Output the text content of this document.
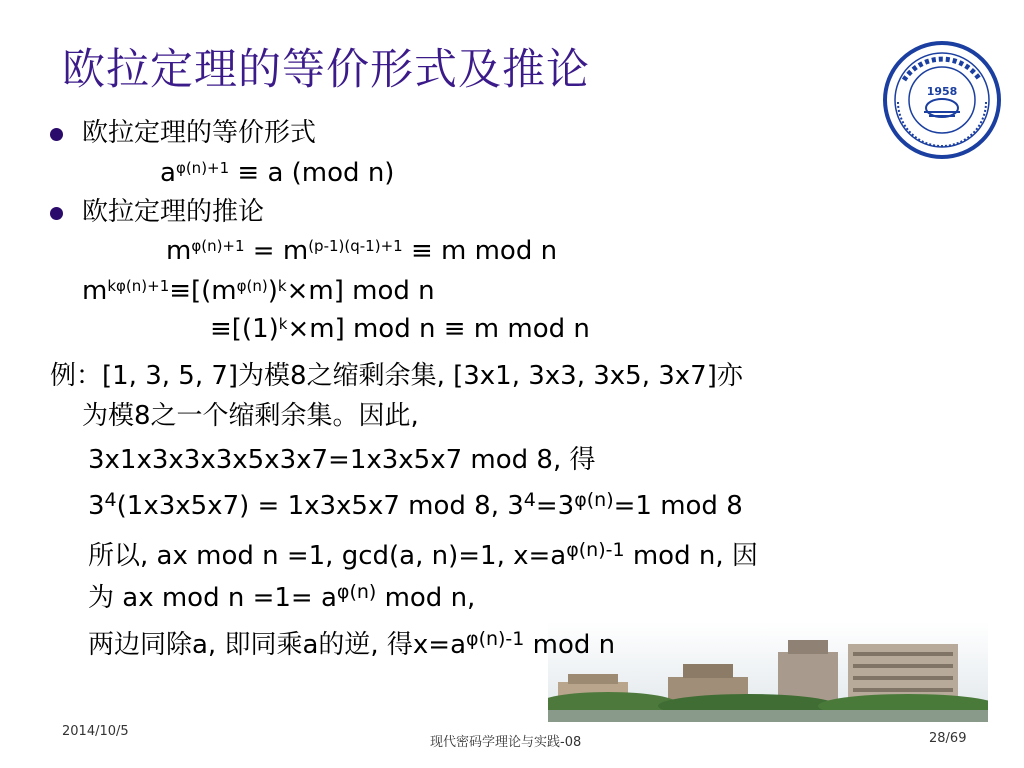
欧拉定理的等价形式及推论	1958
欧拉定理的等价形式
$a^{\varphi(n)+1} \equiv a$ (mod n)
欧拉定理的推论
$m^{\varphi(n)+1} = m^{(p-1)(q-1)+1} \equiv m$ mod n
$m^{k\varphi(n)+1}\equiv[(m^{\varphi(n)})^k\times m]$ mod n
$\equiv[(1)^k\times m]$ mod n ≡ m mod n
例：[1, 3, 5, 7]为模8之缩剩余集, [3x1, 3x3, 3x5, 3x7]亦
为模8之一个缩剩余集。因此,
3x1x3x3x3x5x3x7=1x3x5x7 mod 8, 得
$3^4(1x3x5x7) = 1x3x5x7$ mod 8, $3^4=3^{\varphi(n)}=1$ mod 8
所以, ax mod n =1, gcd(a, n)=1, $x=a^{\varphi(n)-1}$ mod n, 因
为 ax mod $n =1= a^{\varphi(n)}$ mod n,
两边同除a, 即同乘a的逆, 得$x=a^{\varphi(n)-1}$ mod n
2014/10/5
现代密码学理论与实践-08	28/69
